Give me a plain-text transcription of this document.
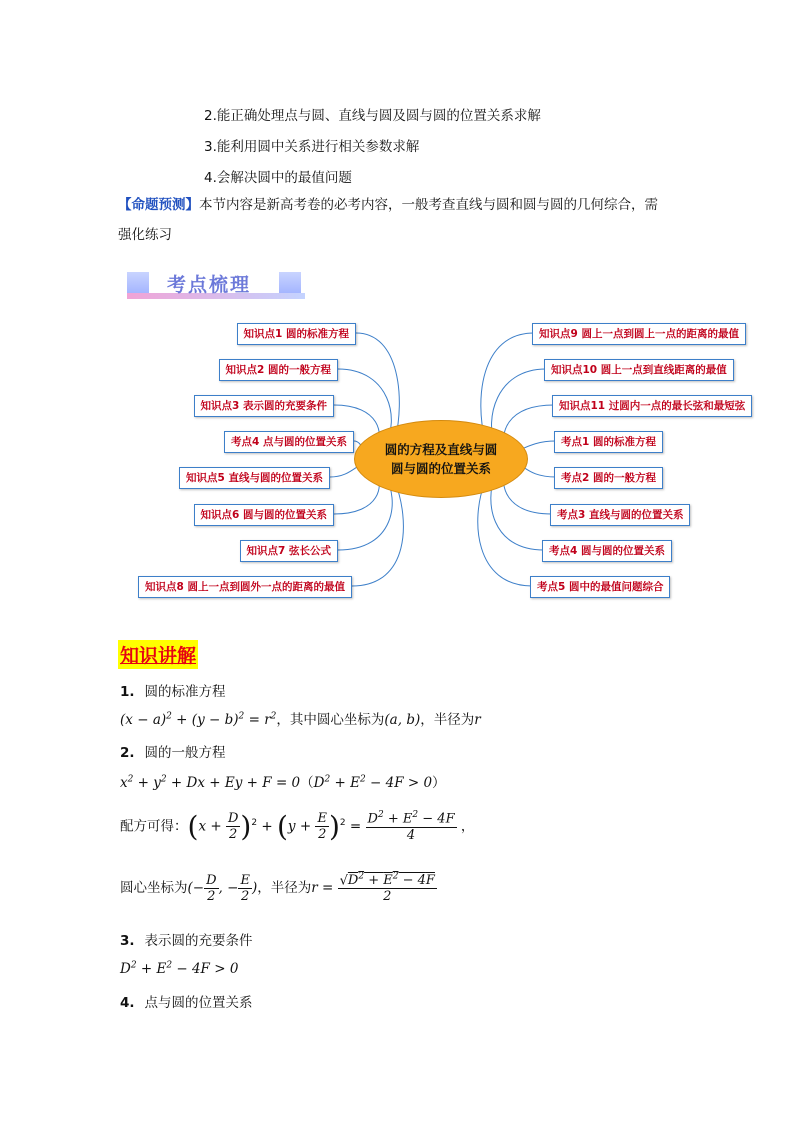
2.能正确处理点与圆、直线与圆及圆与圆的位置关系求解
3.能利用圆中关系进行相关参数求解
4.会解决圆中的最值问题
【命题预测】本节内容是新高考卷的必考内容，一般考查直线与圆和圆与圆的几何综合，需
强化练习
考点梳理
知识点1 圆的标准方程
知识点2 圆的一般方程
知识点3 表示圆的充要条件
考点4 点与圆的位置关系
知识点5 直线与圆的位置关系
知识点6 圆与圆的位置关系
知识点7 弦长公式
知识点8 圆上一点到圆外一点的距离的最值
知识点9 圆上一点到圆上一点的距离的最值
知识点10 圆上一点到直线距离的最值
知识点11 过圆内一点的最长弦和最短弦
考点1 圆的标准方程
考点2 圆的一般方程
考点3 直线与圆的位置关系
考点4 圆与圆的位置关系
考点5 圆中的最值问题综合
圆的方程及直线与圆
圆与圆的位置关系
知识讲解
1. 圆的标准方程
$(x - a)^2 + (y - b)^2 = r^2$，其中圆心坐标为(a, b)，半径为r
2. 圆的一般方程
$x^2 + y^2 + Dx + Ey + F = 0(D^2 + E^2 - 4F > 0)$
配方可得：$(x + \frac{D}{2} )^2 + (y + \frac{E}{2} )^2 = \frac{D^2 + E^2 - 4F}{4}$ ，
圆心坐标为(− $\frac{D}{2}$ , − $\frac{E}{2}$ )，半径为$r = \frac{√D^2 + E^2 - 4F}{2}$
3. 表示圆的充要条件
$D^2 + E^2 - 4F > 0$
4. 点与圆的位置关系
